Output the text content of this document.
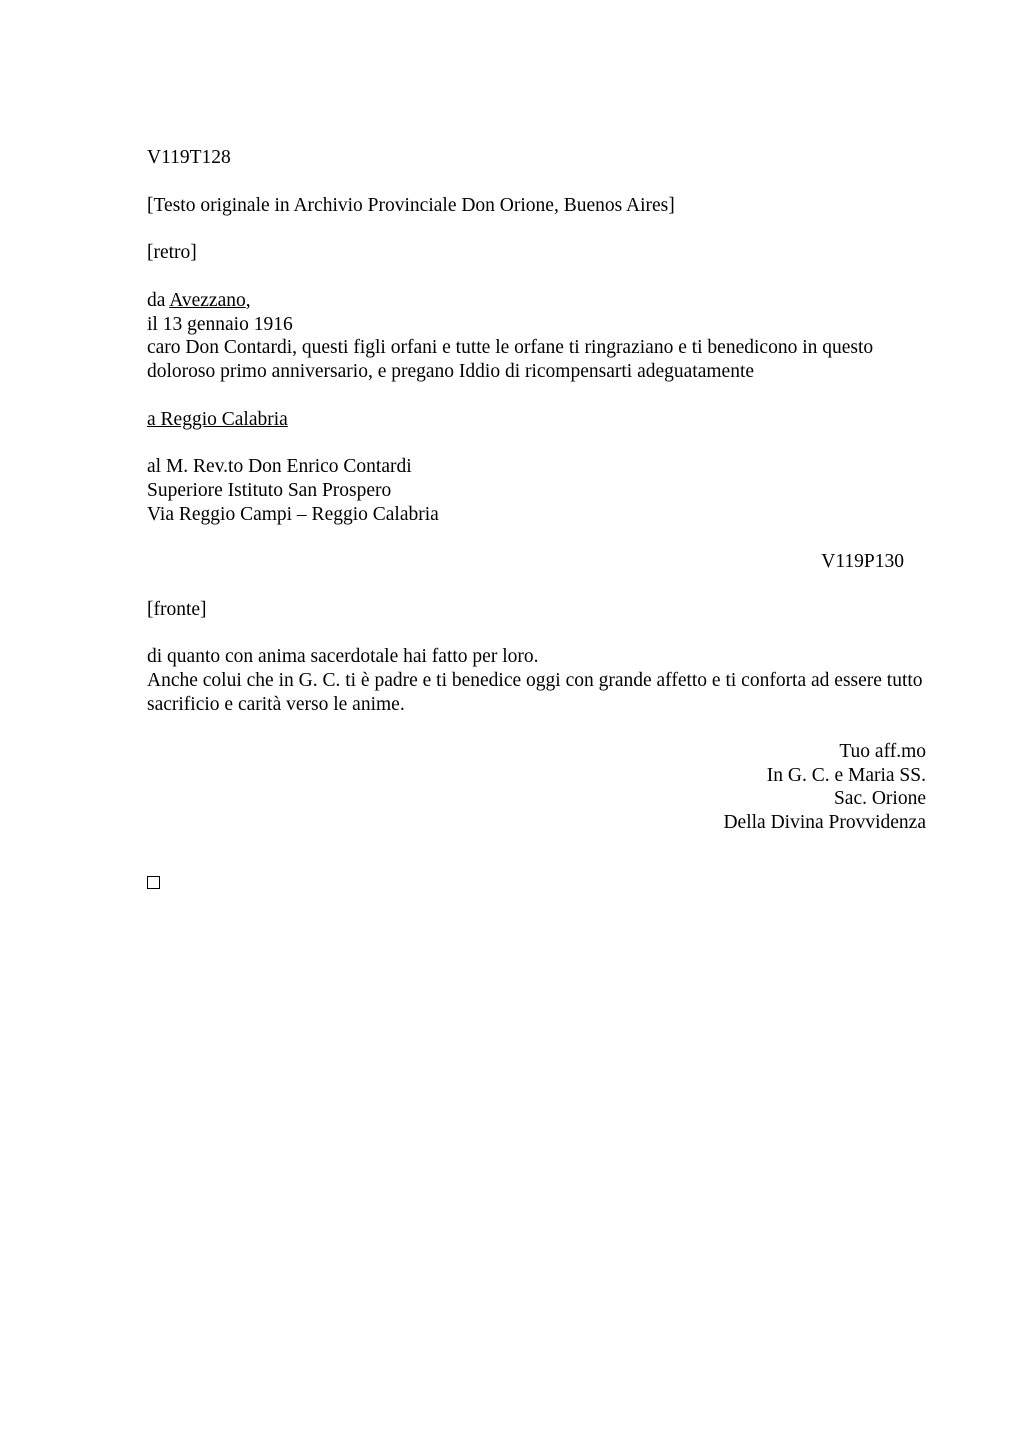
V119T128
[Testo originale in Archivio Provinciale Don Orione, Buenos Aires]
[retro]
da Avezzano,
il 13 gennaio 1916
caro Don Contardi, questi figli orfani e tutte le orfane ti ringraziano e ti benedicono in questo doloroso primo anniversario, e pregano Iddio di ricompensarti adeguatamente
a Reggio Calabria
al M. Rev.to Don Enrico Contardi
Superiore Istituto San Prospero
Via Reggio Campi – Reggio Calabria
V119P130
[fronte]
di quanto con anima sacerdotale hai fatto per loro.
Anche colui che in G. C. ti è padre e ti benedice oggi con grande affetto e ti conforta ad essere tutto sacrificio e carità verso le anime.
Tuo aff.mo
In G. C. e Maria SS.
Sac. Orione
Della Divina Provvidenza
